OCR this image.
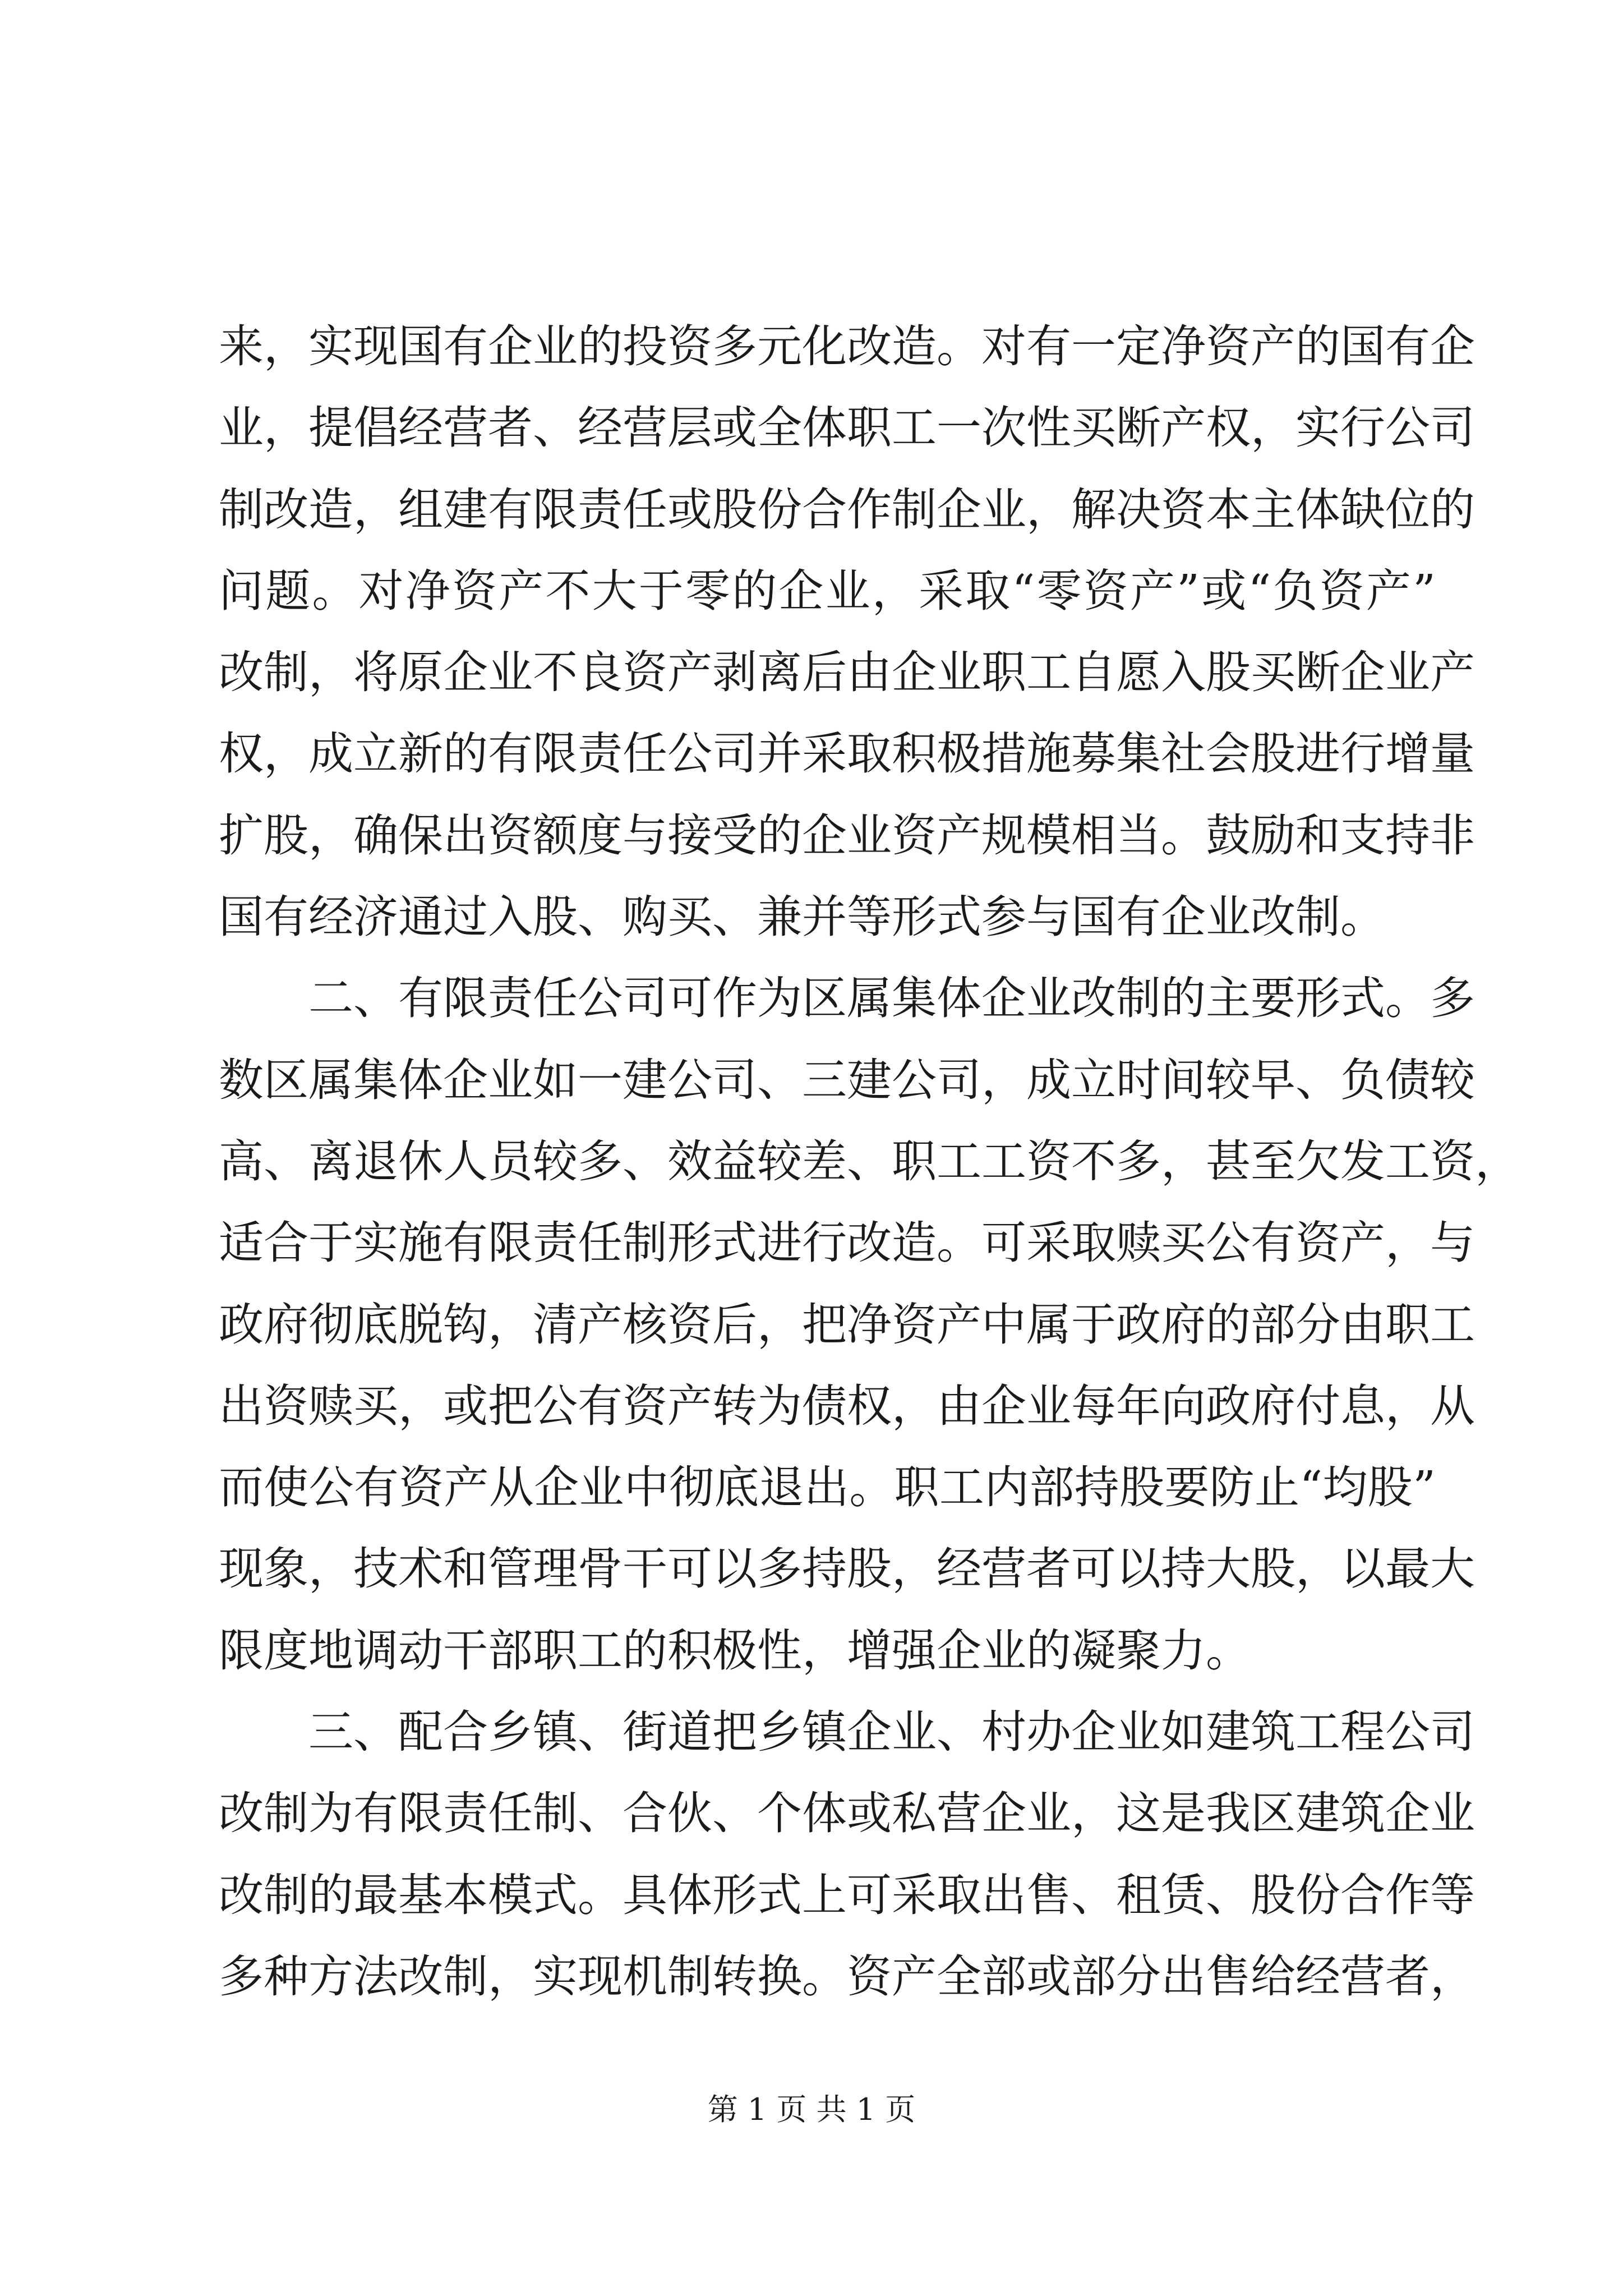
来，实现国有企业的投资多元化改造。对有一定净资产的国有企
业，提倡经营者、经营层或全体职工一次性买断产权，实行公司
制改造，组建有限责任或股份合作制企业，解决资本主体缺位的
问题。对净资产不大于零的企业，采取“零资产”或“负资产”
改制，将原企业不良资产剥离后由企业职工自愿入股买断企业产
权，成立新的有限责任公司并采取积极措施募集社会股进行增量
扩股，确保出资额度与接受的企业资产规模相当。鼓励和支持非
国有经济通过入股、购买、兼并等形式参与国有企业改制。
二、有限责任公司可作为区属集体企业改制的主要形式。多
数区属集体企业如一建公司、三建公司，成立时间较早、负债较
高、离退休人员较多、效益较差、职工工资不多，甚至欠发工资，
适合于实施有限责任制形式进行改造。可采取赎买公有资产，与
政府彻底脱钩，清产核资后，把净资产中属于政府的部分由职工
出资赎买，或把公有资产转为债权，由企业每年向政府付息，从
而使公有资产从企业中彻底退出。职工内部持股要防止“均股”
现象，技术和管理骨干可以多持股，经营者可以持大股，以最大
限度地调动干部职工的积极性，增强企业的凝聚力。
三、配合乡镇、街道把乡镇企业、村办企业如建筑工程公司
改制为有限责任制、合伙、个体或私营企业，这是我区建筑企业
改制的最基本模式。具体形式上可采取出售、租赁、股份合作等
多种方法改制，实现机制转换。资产全部或部分出售给经营者，
第 1 页 共 1 页
